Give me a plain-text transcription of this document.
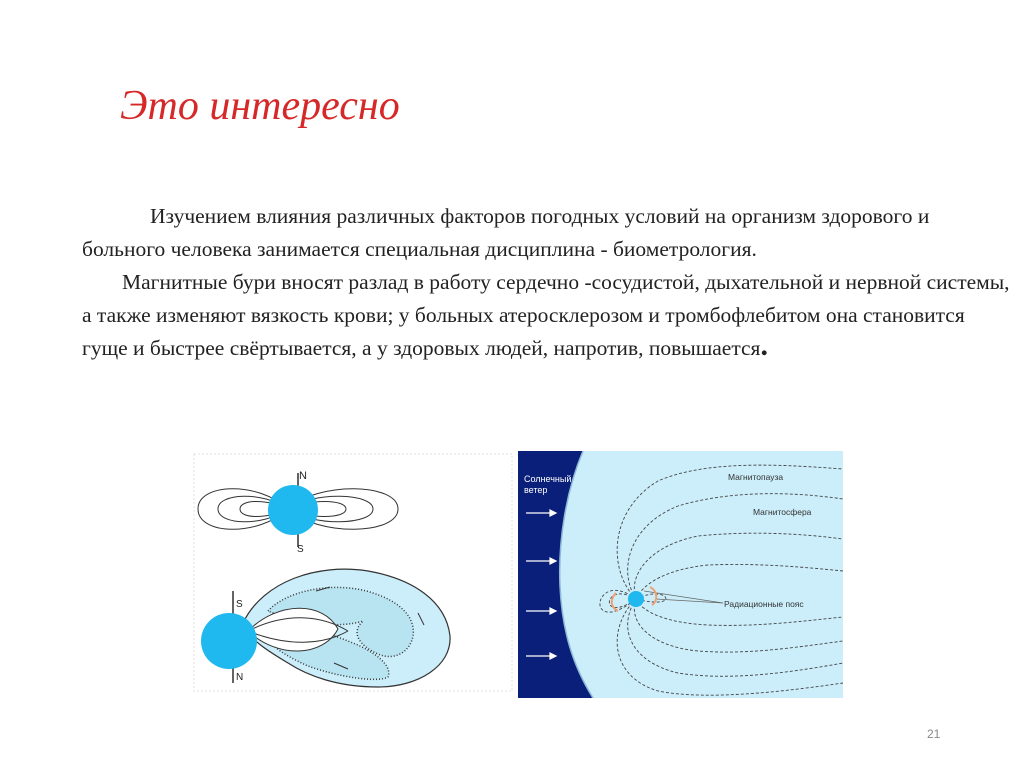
Это интересно

Изучением влияния различных факторов погодных условий на организм здорового и больного человека занимается специальная дисциплина - биометрология.

Магнитные бури вносят разлад в работу сердечно -сосудистой, дыхательной и нервной системы, а также изменяют вязкость крови; у больных атеросклерозом и тромбофлебитом она становится гуще и быстрее свёртывается, а у здоровых людей, напротив, повышается.

N
S
S
N
Солнечный
ветер
Магнитопауза
Магнитосфера
Радиационные пояс
21
